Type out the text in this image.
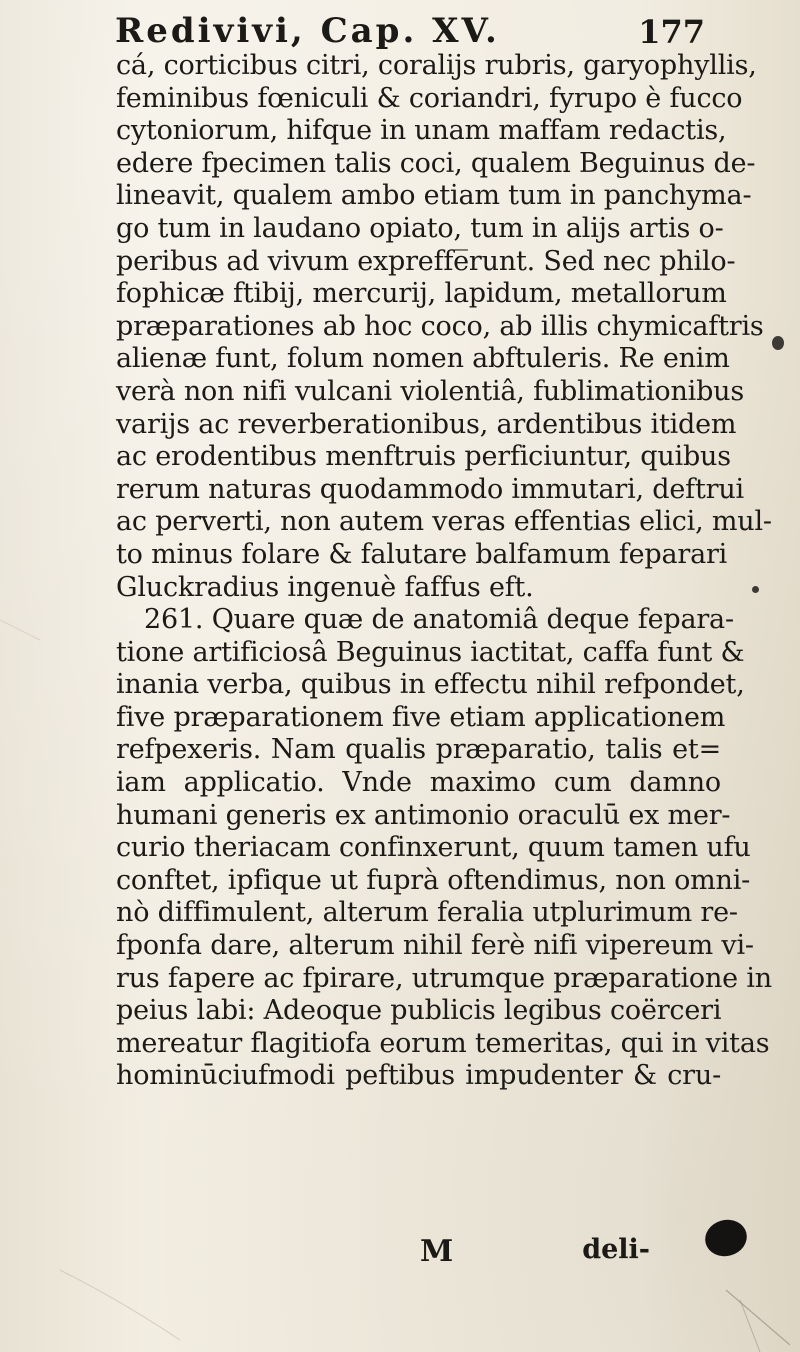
Redivivi, Cap. XV.	177
cá, corticibus citri, coralijs rubris, garyophyllis,
feminibus fœniculi & coriandri, fyrupo è fucco
cytoniorum, hifque in unam maffam redactis,
edere fpecimen talis coci, qualem Beguinus de-
lineavit, qualem ambo etiam tum in panchyma-
go tum in laudano opiato, tum in alijs artis o-
peribus ad vivum expreffe̅runt. Sed nec philo-
fophicæ ftibij, mercurij, lapidum, metallorum
præparationes ab hoc coco, ab illis chymicaftris
alienæ funt, folum nomen abftuleris. Re enim
verà non nifi vulcani violentiâ, fublimationibus
varijs ac reverberationibus, ardentibus itidem
ac erodentibus menftruis perficiuntur, quibus
rerum naturas quodammodo immutari, deftrui
ac perverti, non autem veras effentias elici, mul-
to minus folare & falutare balfamum feparari
Gluckradius ingenuè faffus eft.
261. Quare quæ de anatomiâ deque fepara-
tione artificiosâ Beguinus iactitat, caffa funt &
inania verba, quibus in effectu nihil refpondet,
five præparationem five etiam applicationem
refpexeris. Nam qualis præparatio, talis et=
iam applicatio. Vnde maximo cum damno
humani generis ex antimonio oraculū ex mer-
curio theriacam confinxerunt, quum tamen ufu
conftet, ipfique ut fuprà oftendimus, non omni-
nò diffimulent, alterum feralia utplurimum re-
fponfa dare, alterum nihil ferè nifi vipereum vi-
rus fapere ac fpirare, utrumque præparatione in
peius labi: Adeoque publicis legibus coërceri
mereatur flagitiofa eorum temeritas, qui in vitas
hominūciufmodi peftibus impudenter & cru-
M	deli-
